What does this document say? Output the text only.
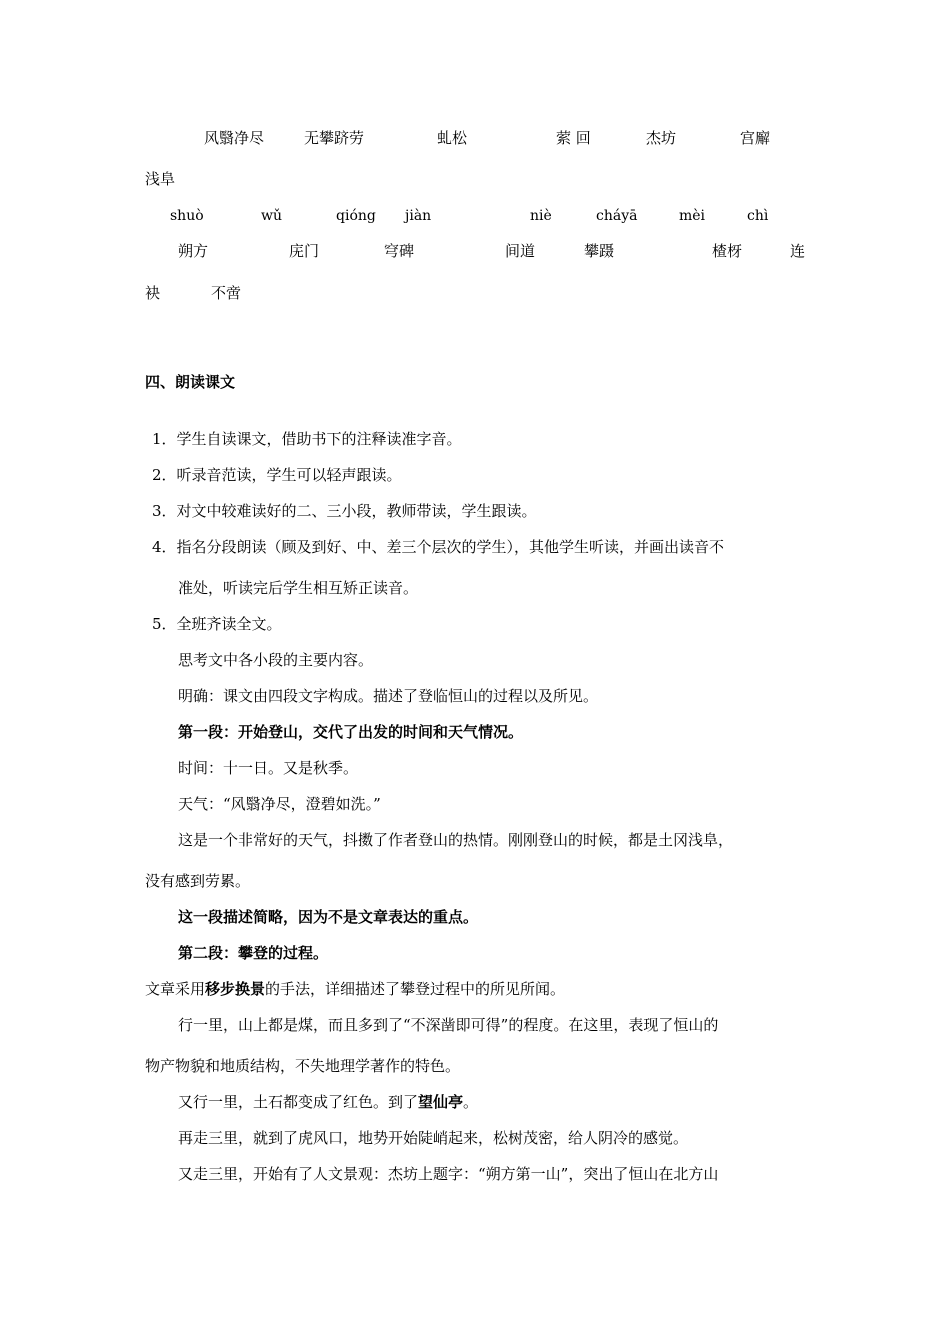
风翳净尽	无攀跻劳	虬松	萦 回	杰坊	宫廨
浅阜
shuò	wǔ	qióng jiàn	niè	cháyā	mèi	chì
朔方	庑门	穹碑	间道	攀蹑	楂枒	连
袂	不啻
四、朗读课文
1．学生自读课文，借助书下的注释读准字音。
2．听录音范读，学生可以轻声跟读。
3．对文中较难读好的二、三小段，教师带读，学生跟读。
4．指名分段朗读（顾及到好、中、差三个层次的学生），其他学生听读，并画出读音不
准处，听读完后学生相互矫正读音。
5．全班齐读全文。
思考文中各小段的主要内容。
明确：课文由四段文字构成。描述了登临恒山的过程以及所见。
第一段：开始登山，交代了出发的时间和天气情况。
时间：十一日。又是秋季。
天气：“风翳净尽，澄碧如洗。”
这是一个非常好的天气，抖擞了作者登山的热情。刚刚登山的时候，都是土冈浅阜，
没有感到劳累。
这一段描述简略，因为不是文章表达的重点。
第二段：攀登的过程。
文章采用移步换景的手法，详细描述了攀登过程中的所见所闻。
行一里，山上都是煤，而且多到了“不深凿即可得”的程度。在这里，表现了恒山的
物产物貌和地质结构，不失地理学著作的特色。
又行一里，土石都变成了红色。到了望仙亭。
再走三里，就到了虎风口，地势开始陡峭起来，松树茂密，给人阴冷的感觉。
又走三里，开始有了人文景观：杰坊上题字：“朔方第一山”，突出了恒山在北方山
